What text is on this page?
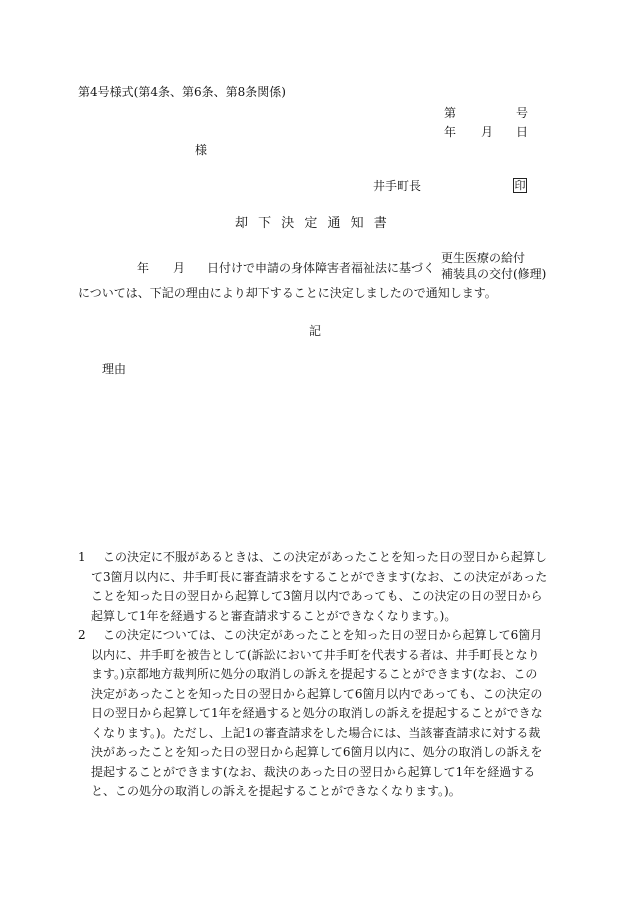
第4号様式(第4条、第6条、第8条関係)
第	号
年 月 日
様
井手町長	印
却 下 決 定 通 知 書
年 月 日付けで申請の身体障害者福祉法に基づく
更生医療の給付
補装具の交付(修理)
については、下記の理由により却下することに決定しましたので通知します。
記
理由
1 この決定に不服があるときは、この決定があったことを知った日の翌日から起算して3箇月以内に、井手町長に審査請求をすることができます(なお、この決定があったことを知った日の翌日から起算して3箇月以内であっても、この決定の日の翌日から起算して1年を経過すると審査請求することができなくなります。)。
2 この決定については、この決定があったことを知った日の翌日から起算して6箇月以内に、井手町を被告として(訴訟において井手町を代表する者は、井手町長となります。)京都地方裁判所に処分の取消しの訴えを提起することができます(なお、この決定があったことを知った日の翌日から起算して6箇月以内であっても、この決定の日の翌日から起算して1年を経過すると処分の取消しの訴えを提起することができなくなります。)。ただし、上記1の審査請求をした場合には、当該審査請求に対する裁決があったことを知った日の翌日から起算して6箇月以内に、処分の取消しの訴えを提起することができます(なお、裁決のあった日の翌日から起算して1年を経過すると、この処分の取消しの訴えを提起することができなくなります。)。
